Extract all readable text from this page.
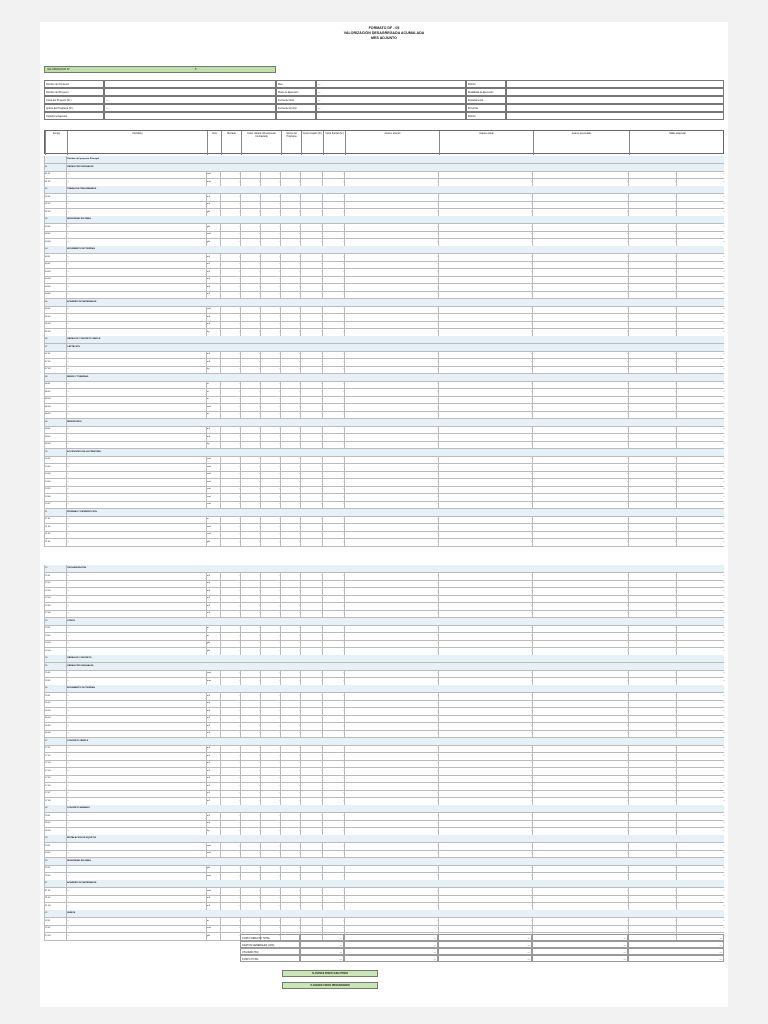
FORMATO DF - 05
VALORIZACIÓN DESAGREGADA ACUMULADA
MES ADJUNTO
VALORIZACION N°	5
Nombre del Convenio	Mes	—	Distrito
Nombre del Proyecto	Plazo de Ejecución	—	Modalidad de Ejecución
Costo del Proyecto (S/.)	—	Fecha de Inicio	—	Departamento
Aporte del Programa (S/.)	—	Fecha de término	—	Provincia
Organismo Ejecutor	Distrito
Item(s)	Partida(s)	Unid.	Metrado	Costo Unitario (Presupuesto Contractual)
Aporte del Programa
Costo Unitario (S/.)	Costo Parcial (S/.)	Avance anterior	Avance actual	Avance acumulado	Saldo a Ejecutar
Partidas del proyecto Principal
01	OBRAS PROVISIONALES
01.01	—	und	—	—	—	—	—	—	—	—	—	—	—
01.02	—	mes	—	—	—	—	—	—	—	—	—	—	—
02	TRABAJOS PRELIMINARES
02.01	—	m2	—	—	—	—	—	—	—	—	—	—	—
02.02	—	m2	—	—	—	—	—	—	—	—	—	—	—
02.03	—	glb	—	—	—	—	—	—	—	—	—	—	—
03	SEGURIDAD EN OBRA
03.01	—	glb	—	—	—	—	—	—	—	—	—	—	—
03.02	—	und	—	—	—	—	—	—	—	—	—	—	—
03.03	—	glb	—	—	—	—	—	—	—	—	—	—	—
04	MOVIMIENTO DE TIERRAS
04.01	—	m3	—	—	—	—	—	—	—	—	—	—	—
04.02	—	m2	—	—	—	—	—	—	—	—	—	—	—
04.03	—	m3	—	—	—	—	—	—	—	—	—	—	—
04.04	—	m3	—	—	—	—	—	—	—	—	—	—	—
04.05	—	m3	—	—	—	—	—	—	—	—	—	—	—
04.06	—	m3	—	—	—	—	—	—	—	—	—	—	—
05	ACARREO DE MATERIALES
05.01	—	und	—	—	—	—	—	—	—	—	—	—	—
05.02	—	m3	—	—	—	—	—	—	—	—	—	—	—
05.03	—	m3	—	—	—	—	—	—	—	—	—	—	—
05.04	—	kg	—	—	—	—	—	—	—	—	—	—	—
06	OBRAS DE CONCRETO SIMPLE
07	CAPTACION
07.01	—	m2	—	—	—	—	—	—	—	—	—	—	—
07.02	—	m3	—	—	—	—	—	—	—	—	—	—	—
07.03	—	kg	—	—	—	—	—	—	—	—	—	—	—
08	REDES Y TUBERIAS
08.01	—	m	—	—	—	—	—	—	—	—	—	—	—
08.02	—	m	—	—	—	—	—	—	—	—	—	—	—
08.03	—	m	—	—	—	—	—	—	—	—	—	—	—
08.04	—	und	—	—	—	—	—	—	—	—	—	—	—
08.05	—	m	—	—	—	—	—	—	—	—	—	—	—
09	RESERVORIO
09.01	—	m2	—	—	—	—	—	—	—	—	—	—	—
09.02	—	m3	—	—	—	—	—	—	—	—	—	—	—
09.03	—	kg	—	—	—	—	—	—	—	—	—	—	—
10	ACCESORIOS EN LA PRINCIPAL
10.01	—	und	—	—	—	—	—	—	—	—	—	—	—
10.02	—	und	—	—	—	—	—	—	—	—	—	—	—
10.03	—	und	—	—	—	—	—	—	—	—	—	—	—
10.04	—	und	—	—	—	—	—	—	—	—	—	—	—
10.05	—	und	—	—	—	—	—	—	—	—	—	—	—
10.06	—	und	—	—	—	—	—	—	—	—	—	—	—
10.07	—	und	—	—	—	—	—	—	—	—	—	—	—
11	PRUEBAS Y DESINFECCION
11.01	—	m	—	—	—	—	—	—	—	—	—	—	—
11.02	—	und	—	—	—	—	—	—	—	—	—	—	—
11.03	—	und	—	—	—	—	—	—	—	—	—	—	—
11.04	—	glb	—	—	—	—	—	—	—	—	—	—	—
12	CRIOGENIZACION
12.01	—	m3	—	—	—	—	—	—	—	—	—	—	—
12.02	—	m3	—	—	—	—	—	—	—	—	—	—	—
12.03	—	m3	—	—	—	—	—	—	—	—	—	—	—
12.04	—	m3	—	—	—	—	—	—	—	—	—	—	—
12.05	—	m3	—	—	—	—	—	—	—	—	—	—	—
12.06	—	m3	—	—	—	—	—	—	—	—	—	—	—
13	OTROS
13.01	—	m	—	—	—	—	—	—	—	—	—	—	—
13.02	—	m	—	—	—	—	—	—	—	—	—	—	—
13.03	—	glb	—	—	—	—	—	—	—	—	—	—	—
13.04	—	glb	—	—	—	—	—	—	—	—	—	—	—
14	OBRAS DE CONCRETO
15	OBRAS PROVISIONALES
15.01	—	und	—	—	—	—	—	—	—	—	—	—	—
15.02	—	mes	—	—	—	—	—	—	—	—	—	—	—
16	MOVIMIENTO DE TIERRAS
16.01	—	m3	—	—	—	—	—	—	—	—	—	—	—
16.02	—	m3	—	—	—	—	—	—	—	—	—	—	—
16.03	—	m3	—	—	—	—	—	—	—	—	—	—	—
16.04	—	m3	—	—	—	—	—	—	—	—	—	—	—
16.05	—	m3	—	—	—	—	—	—	—	—	—	—	—
16.06	—	m3	—	—	—	—	—	—	—	—	—	—	—
17	CONCRETO SIMPLE
17.01	—	m3	—	—	—	—	—	—	—	—	—	—	—
17.02	—	m2	—	—	—	—	—	—	—	—	—	—	—
17.03	—	m2	—	—	—	—	—	—	—	—	—	—	—
17.04	—	m2	—	—	—	—	—	—	—	—	—	—	—
17.05	—	m2	—	—	—	—	—	—	—	—	—	—	—
17.06	—	m2	—	—	—	—	—	—	—	—	—	—	—
17.07	—	m2	—	—	—	—	—	—	—	—	—	—	—
17.08	—	m2	—	—	—	—	—	—	—	—	—	—	—
18	CONCRETO ARMADO
18.01	—	m2	—	—	—	—	—	—	—	—	—	—	—
18.02	—	m3	—	—	—	—	—	—	—	—	—	—	—
18.03	—	kg	—	—	—	—	—	—	—	—	—	—	—
19	INSTALACION DE EQUIPOS
19.01	—	und	—	—	—	—	—	—	—	—	—	—	—
19.02	—	und	—	—	—	—	—	—	—	—	—	—	—
20	SEGURIDAD EN OBRA
20.01	—	glb	—	—	—	—	—	—	—	—	—	—	—
20.02	—	und	—	—	—	—	—	—	—	—	—	—	—
21	ACARREO DE MATERIALES
21.01	—	und	—	—	—	—	—	—	—	—	—	—	—
21.02	—	m3	—	—	—	—	—	—	—	—	—	—	—
21.03	—	m3	—	—	—	—	—	—	—	—	—	—	—
22	VARIOS
22.01	—	m	—	—	—	—	—	—	—	—	—	—	—
22.02	—	und	—	—	—	—	—	—	—	—	—	—	—
22.03	—	glb	—	—	—	—	—	—	—	—	—	—	—
COSTO DIRECTO TOTAL	—	—	—	—	—
GASTOS GENERALES (10%)	—	—	—	—	—
UTILIDAD (5%)	—	—	—	—	—
COSTO TOTAL	—	—	—	—	—
% AVANCE FISICO EJECUTADO
% AVANCE FISICO PROGRAMADO
